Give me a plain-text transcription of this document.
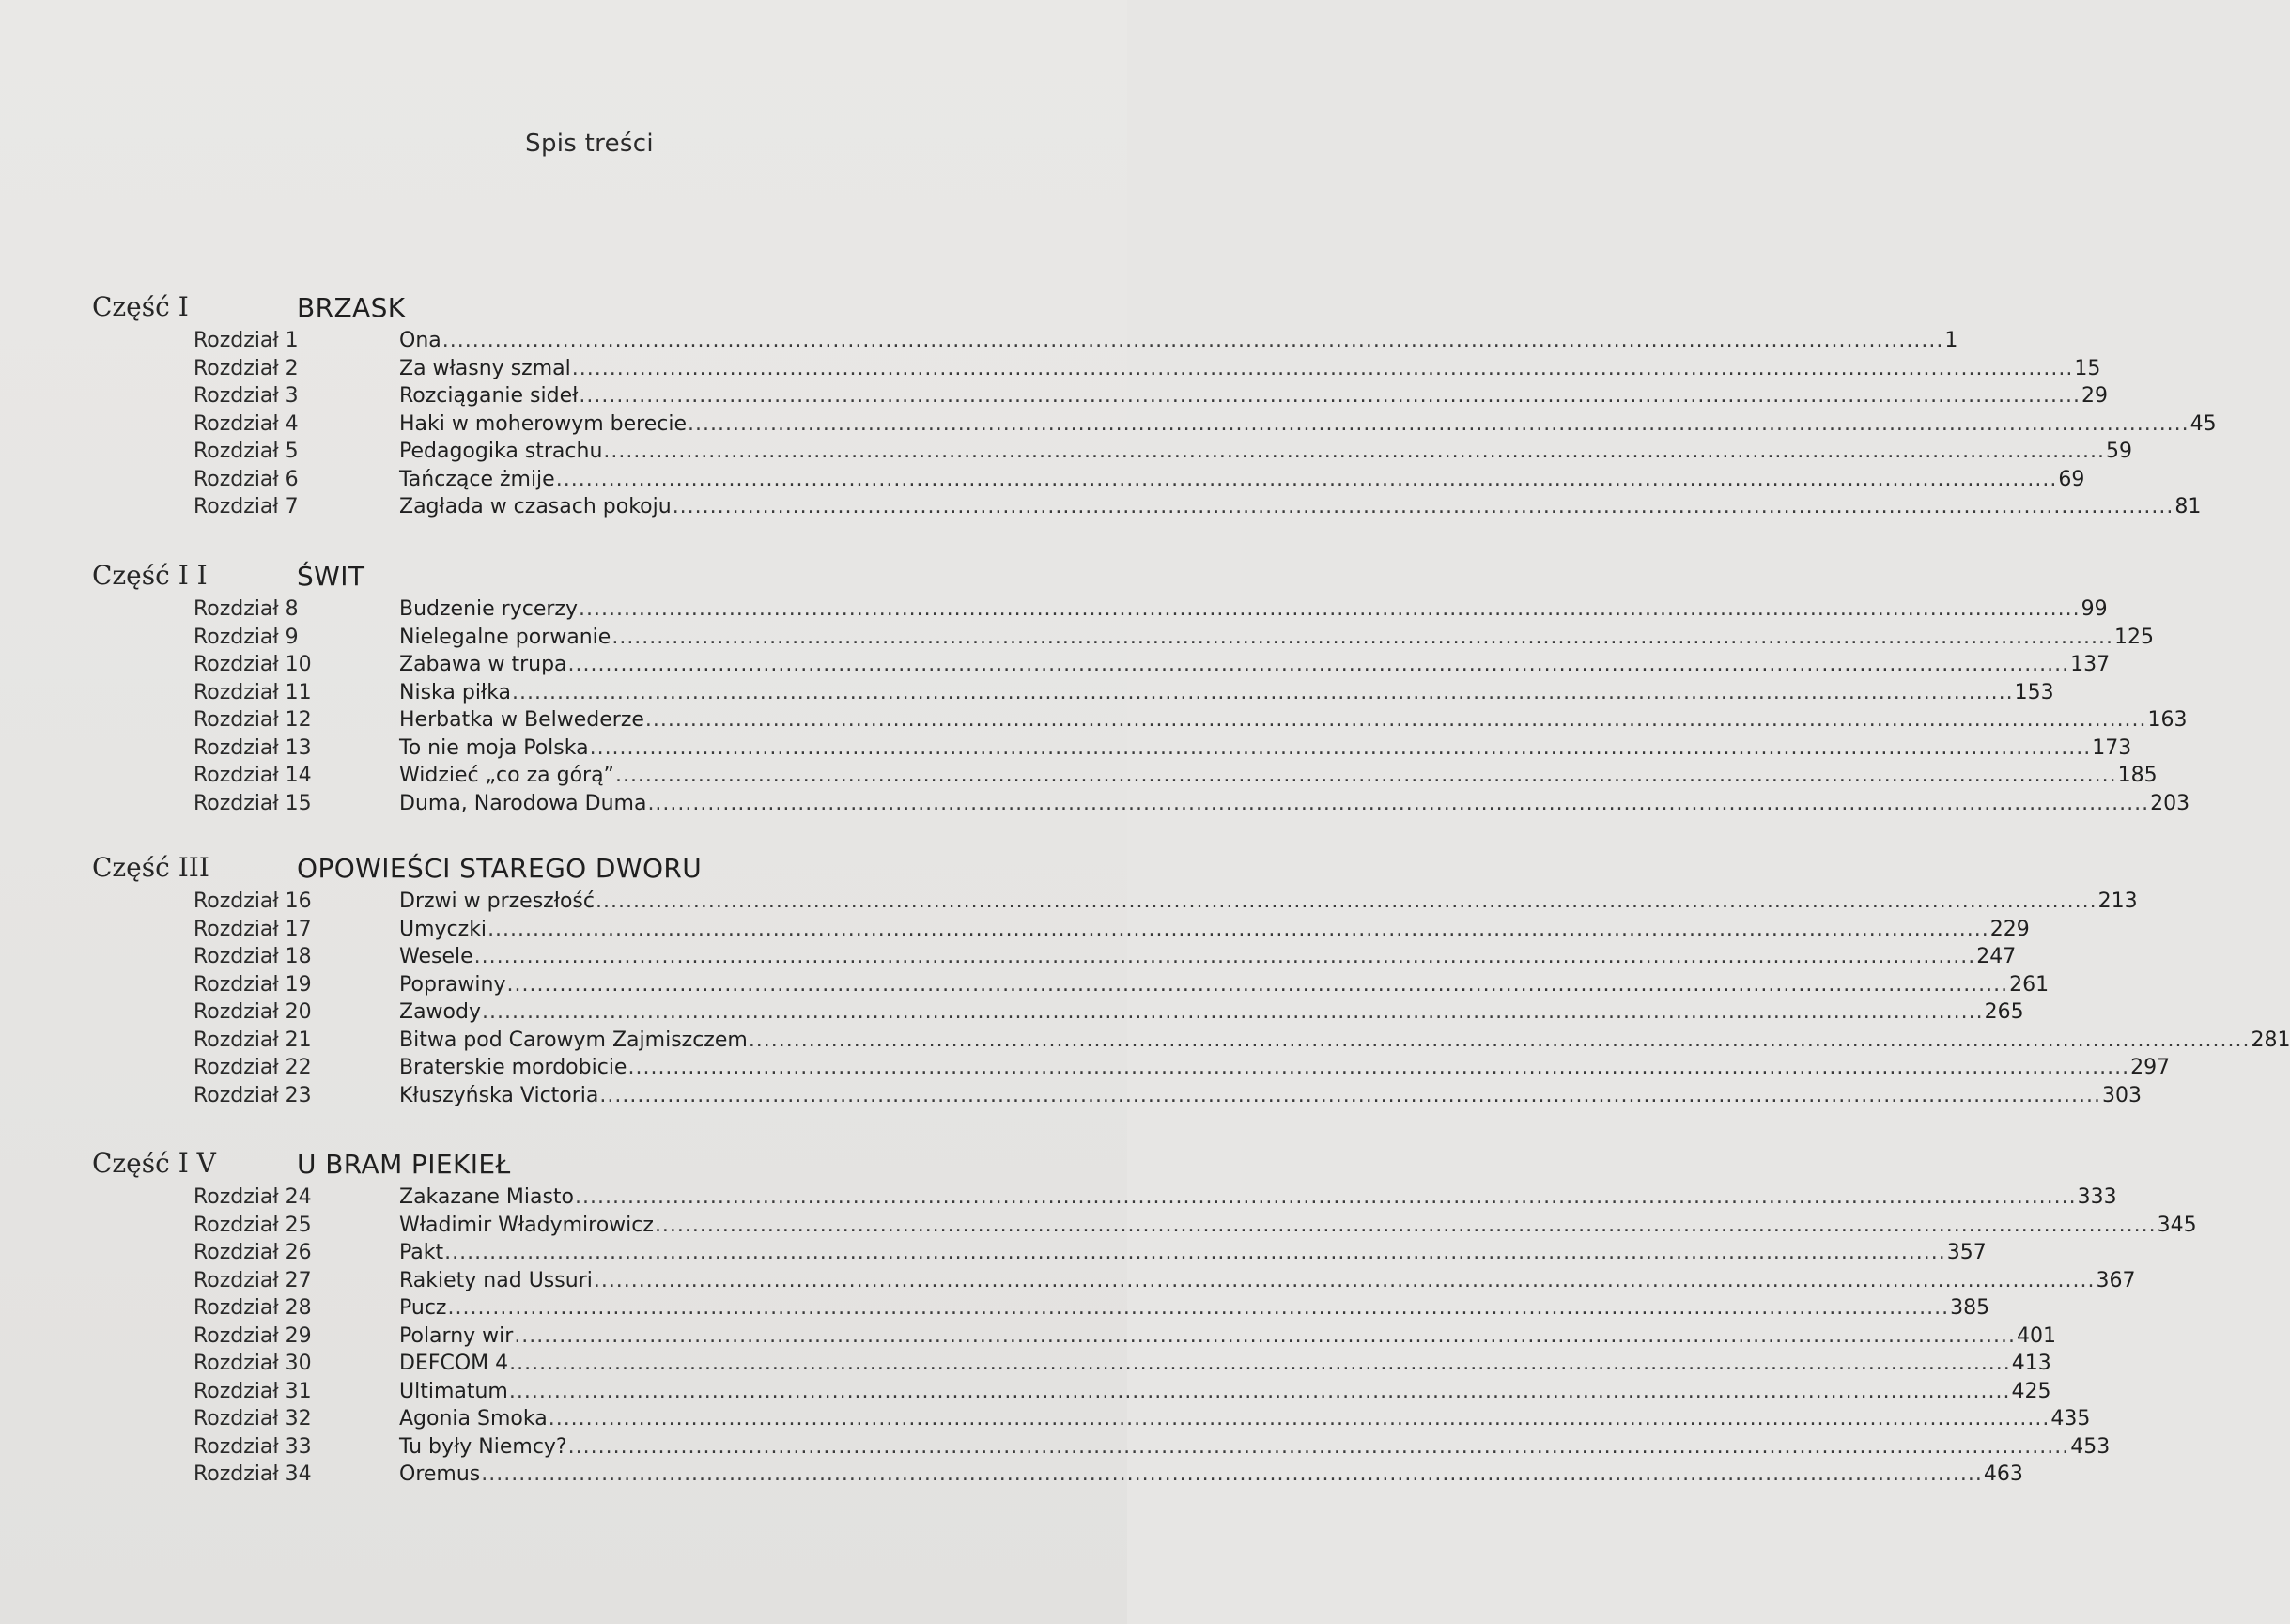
Spis treści
Część I	BRZASK
Rozdział 1	Ona ........................................................................................................................................................................................................ 1
Rozdział 2	Za własny szmal ........................................................................................................................................................................................................ 15
Rozdział 3	Rozciąganie sideł ........................................................................................................................................................................................................ 29
Rozdział 4	Haki w moherowym berecie ........................................................................................................................................................................................................ 45
Rozdział 5	Pedagogika strachu ........................................................................................................................................................................................................ 59
Rozdział 6	Tańczące żmije ........................................................................................................................................................................................................ 69
Rozdział 7	Zagłada w czasach pokoju ........................................................................................................................................................................................................ 81
Część I I	ŚWIT
Rozdział 8	Budzenie rycerzy ........................................................................................................................................................................................................ 99
Rozdział 9	Nielegalne porwanie ........................................................................................................................................................................................................ 125
Rozdział 10	Zabawa w trupa ........................................................................................................................................................................................................ 137
Rozdział 11	Niska piłka ........................................................................................................................................................................................................ 153
Rozdział 12	Herbatka w Belwederze ........................................................................................................................................................................................................ 163
Rozdział 13	To nie moja Polska ........................................................................................................................................................................................................ 173
Rozdział 14	Widzieć „co za górą” ........................................................................................................................................................................................................ 185
Rozdział 15	Duma, Narodowa Duma ........................................................................................................................................................................................................ 203
Część III	OPOWIEŚCI STAREGO DWORU
Rozdział 16	Drzwi w przeszłość ........................................................................................................................................................................................................ 213
Rozdział 17	Umyczki ........................................................................................................................................................................................................ 229
Rozdział 18	Wesele ........................................................................................................................................................................................................ 247
Rozdział 19	Poprawiny ........................................................................................................................................................................................................ 261
Rozdział 20	Zawody ........................................................................................................................................................................................................ 265
Rozdział 21	Bitwa pod Carowym Zajmiszczem ........................................................................................................................................................................................................ 281
Rozdział 22	Braterskie mordobicie ........................................................................................................................................................................................................ 297
Rozdział 23	Kłuszyńska Victoria ........................................................................................................................................................................................................ 303
Część I V	U BRAM PIEKIEŁ
Rozdział 24	Zakazane Miasto ........................................................................................................................................................................................................ 333
Rozdział 25	Władimir Władymirowicz ........................................................................................................................................................................................................ 345
Rozdział 26	Pakt ........................................................................................................................................................................................................ 357
Rozdział 27	Rakiety nad Ussuri ........................................................................................................................................................................................................ 367
Rozdział 28	Pucz ........................................................................................................................................................................................................ 385
Rozdział 29	Polarny wir ........................................................................................................................................................................................................ 401
Rozdział 30	DEFCOM 4 ........................................................................................................................................................................................................ 413
Rozdział 31	Ultimatum ........................................................................................................................................................................................................ 425
Rozdział 32	Agonia Smoka ........................................................................................................................................................................................................ 435
Rozdział 33	Tu były Niemcy? ........................................................................................................................................................................................................ 453
Rozdział 34	Oremus ........................................................................................................................................................................................................ 463
